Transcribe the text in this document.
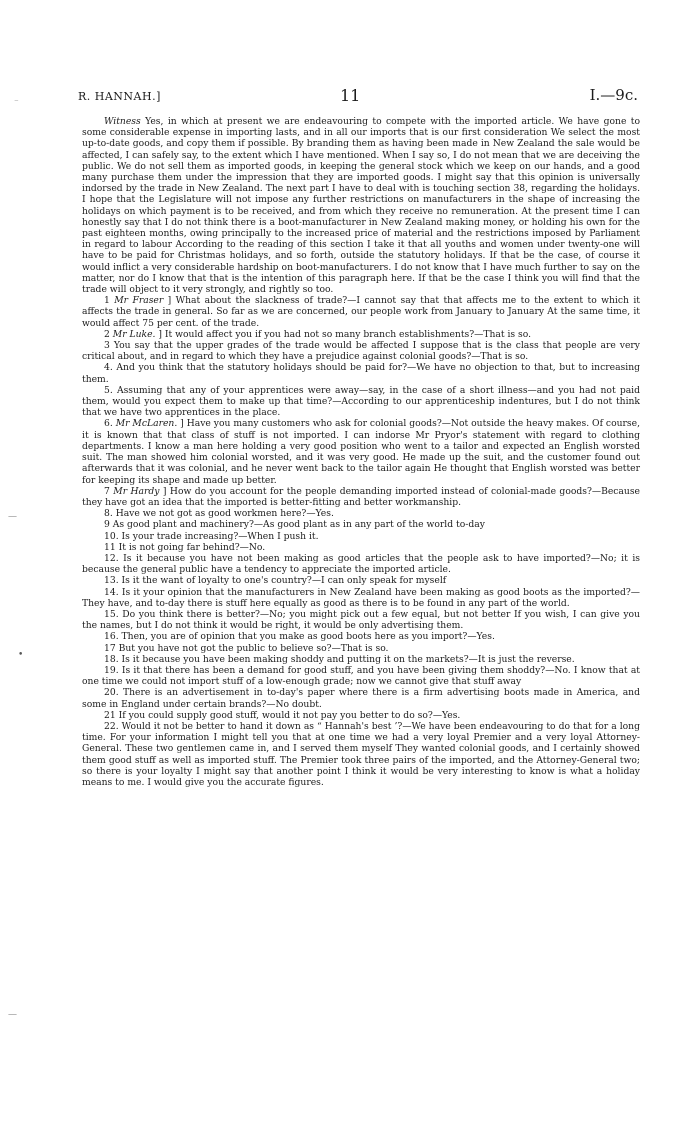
R. HANNAH.]	11	I.—9c.
⁻
—
•
—

Witness Yes, in which at present we are endeavouring to compete with the imported article. We have gone to some considerable expense in importing lasts, and in all our imports that is our first consideration We select the most up-to-date goods, and copy them if possible. By branding them as having been made in New Zealand the sale would be affected, I can safely say, to the extent which I have mentioned. When I say so, I do not mean that we are deceiving the public. We do not sell them as imported goods, in keeping the general stock which we keep on our hands, and a good many purchase them under the impression that they are imported goods. I might say that this opinion is universally indorsed by the trade in New Zealand. The next part I have to deal with is touching section 38, regarding the holidays. I hope that the Legislature will not impose any further restrictions on manufacturers in the shape of increasing the holidays on which payment is to be received, and from which they receive no remuneration. At the present time I can honestly say that I do not think there is a boot-manufacturer in New Zealand making money, or holding his own for the past eighteen months, owing principally to the increased price of material and the restrictions imposed by Parliament in regard to labour According to the reading of this section I take it that all youths and women under twenty-one will have to be paid for Christmas holidays, and so forth, outside the statutory holidays. If that be the case, of course it would inflict a very considerable hardship on boot-manufacturers. I do not know that I have much further to say on the matter, nor do I know that that is the intention of this paragraph here. If that be the case I think you will find that the trade will object to it very strongly, and rightly so too.

1 Mr Fraser ] What about the slackness of trade?—I cannot say that that affects me to the extent to which it affects the trade in general. So far as we are concerned, our people work from January to January At the same time, it would affect 75 per cent. of the trade.

2 Mr Luke. ] It would affect you if you had not so many branch establishments?—That is so.

3 You say that the upper grades of the trade would be affected I suppose that is the class that people are very critical about, and in regard to which they have a prejudice against colonial goods?—That is so.

4. And you think that the statutory holidays should be paid for?—We have no objection to that, but to increasing them.

5. Assuming that any of your apprentices were away—say, in the case of a short illness—and you had not paid them, would you expect them to make up that time?—According to our apprenticeship indentures, but I do not think that we have two apprentices in the place.

6. Mr McLaren. ] Have you many customers who ask for colonial goods?—Not outside the heavy makes. Of course, it is known that that class of stuff is not imported. I can indorse Mr Pryor's statement with regard to clothing departments. I know a man here holding a very good position who went to a tailor and expected an English worsted suit. The man showed him colonial worsted, and it was very good. He made up the suit, and the customer found out afterwards that it was colonial, and he never went back to the tailor again He thought that English worsted was better for keeping its shape and made up better.

7 Mr Hardy ] How do you account for the people demanding imported instead of colonial-made goods?—Because they have got an idea that the imported is better-fitting and better workmanship.

8. Have we not got as good workmen here?—Yes.

9 As good plant and machinery?—As good plant as in any part of the world to-day

10. Is your trade increasing?—When I push it.

11 It is not going far behind?—No.

12. Is it because you have not been making as good articles that the people ask to have imported?—No; it is because the general public have a tendency to appreciate the imported article.

13. Is it the want of loyalty to one's country?—I can only speak for myself

14. Is it your opinion that the manufacturers in New Zealand have been making as good boots as the imported?—They have, and to-day there is stuff here equally as good as there is to be found in any part of the world.

15. Do you think there is better?—No; you might pick out a few equal, but not better If you wish, I can give you the names, but I do not think it would be right, it would be only advertising them.

16. Then, you are of opinion that you make as good boots here as you import?—Yes.

17 But you have not got the public to believe so?—That is so.

18. Is it because you have been making shoddy and putting it on the markets?—It is just the reverse.

19. Is it that there has been a demand for good stuff, and you have been giving them shoddy?—No. I know that at one time we could not import stuff of a low-enough grade; now we cannot give that stuff away

20. There is an advertisement in to-day's paper where there is a firm advertising boots made in America, and some in England under certain brands?—No doubt.

21 If you could supply good stuff, would it not pay you better to do so?—Yes.

22. Would it not be better to hand it down as “ Hannah's best ’?—We have been endeavouring to do that for a long time. For your information I might tell you that at one time we had a very loyal Premier and a very loyal Attorney-General. These two gentlemen came in, and I served them myself They wanted colonial goods, and I certainly showed them good stuff as well as imported stuff. The Premier took three pairs of the imported, and the Attorney-General two; so there is your loyalty I might say that another point I think it would be very interesting to know is what a holiday means to me. I would give you the accurate figures.
